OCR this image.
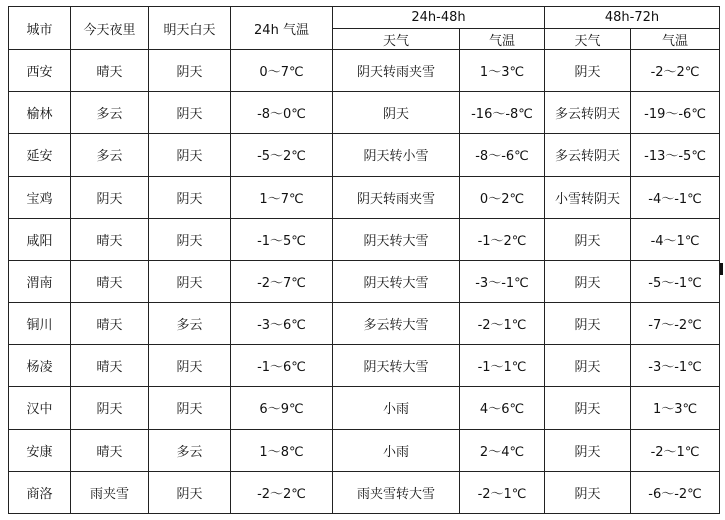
城市	今天夜里	明天白天	24h 气温	24h-48h		48h-72h	
				天气	气温	天气	气温
西安	晴天	阴天	0～7℃	阴天转雨夹雪	1～3℃	阴天	-2～2℃
榆林	多云	阴天	-8～0℃	阴天	-16～-8℃	多云转阴天	-19～-6℃
延安	多云	阴天	-5～2℃	阴天转小雪	-8～-6℃	多云转阴天	-13～-5℃
宝鸡	阴天	阴天	1～7℃	阴天转雨夹雪	0～2℃	小雪转阴天	-4～-1℃
咸阳	晴天	阴天	-1～5℃	阴天转大雪	-1～2℃	阴天	-4～1℃
渭南	晴天	阴天	-2～7℃	阴天转大雪	-3～-1℃	阴天	-5～-1℃
铜川	晴天	多云	-3～6℃	多云转大雪	-2～1℃	阴天	-7～-2℃
杨凌	晴天	阴天	-1～6℃	阴天转大雪	-1～1℃	阴天	-3～-1℃
汉中	阴天	阴天	6～9℃	小雨	4～6℃	阴天	1～3℃
安康	晴天	多云	1～8℃	小雨	2～4℃	阴天	-2～1℃
商洛	雨夹雪	阴天	-2～2℃	雨夹雪转大雪	-2～1℃	阴天	-6～-2℃
